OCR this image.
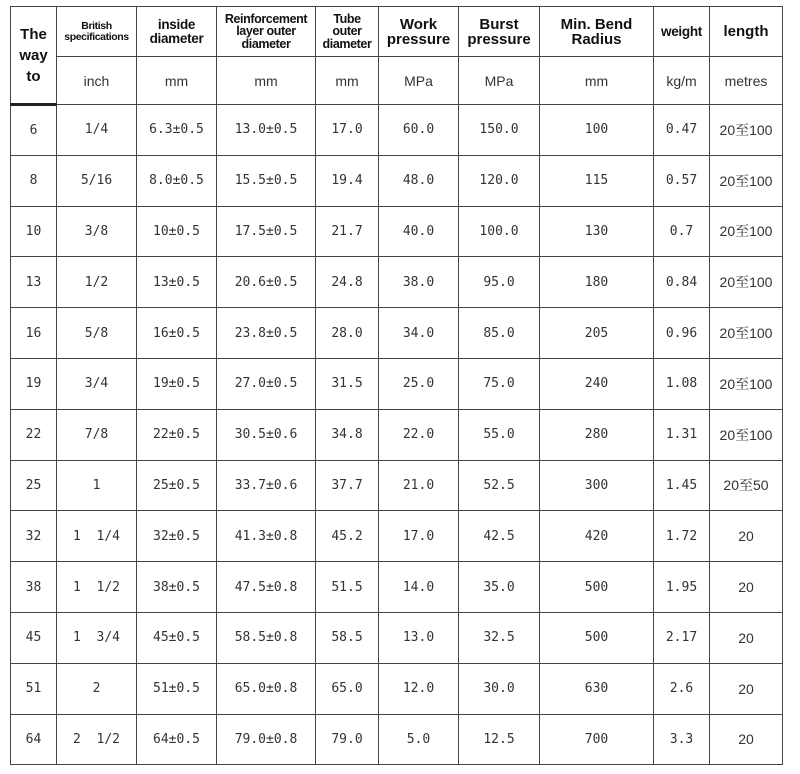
The way to	British specifications	inside diameter	Reinforcement layer outer diameter	Tube outer diameter	Work pressure	Burst pressure	Min. Bend Radius	weight	length

	inch	mm	mm	mm	MPa	MPa	mm	kg/m	metres
6	1/4	6.3±0.5	13.0±0.5	17.0	60.0	150.0	100	0.47	20至100
8	5/16	8.0±0.5	15.5±0.5	19.4	48.0	120.0	115	0.57	20至100
10	3/8	10±0.5	17.5±0.5	21.7	40.0	100.0	130	0.7	20至100
13	1/2	13±0.5	20.6±0.5	24.8	38.0	95.0	180	0.84	20至100
16	5/8	16±0.5	23.8±0.5	28.0	34.0	85.0	205	0.96	20至100
19	3/4	19±0.5	27.0±0.5	31.5	25.0	75.0	240	1.08	20至100
22	7/8	22±0.5	30.5±0.6	34.8	22.0	55.0	280	1.31	20至100
25	1	25±0.5	33.7±0.6	37.7	21.0	52.5	300	1.45	20至50
32	1  1/4	32±0.5	41.3±0.8	45.2	17.0	42.5	420	1.72	20
38	1  1/2	38±0.5	47.5±0.8	51.5	14.0	35.0	500	1.95	20
45	1  3/4	45±0.5	58.5±0.8	58.5	13.0	32.5	500	2.17	20
51	2	51±0.5	65.0±0.8	65.0	12.0	30.0	630	2.6	20
64	2  1/2	64±0.5	79.0±0.8	79.0	5.0	12.5	700	3.3	20
